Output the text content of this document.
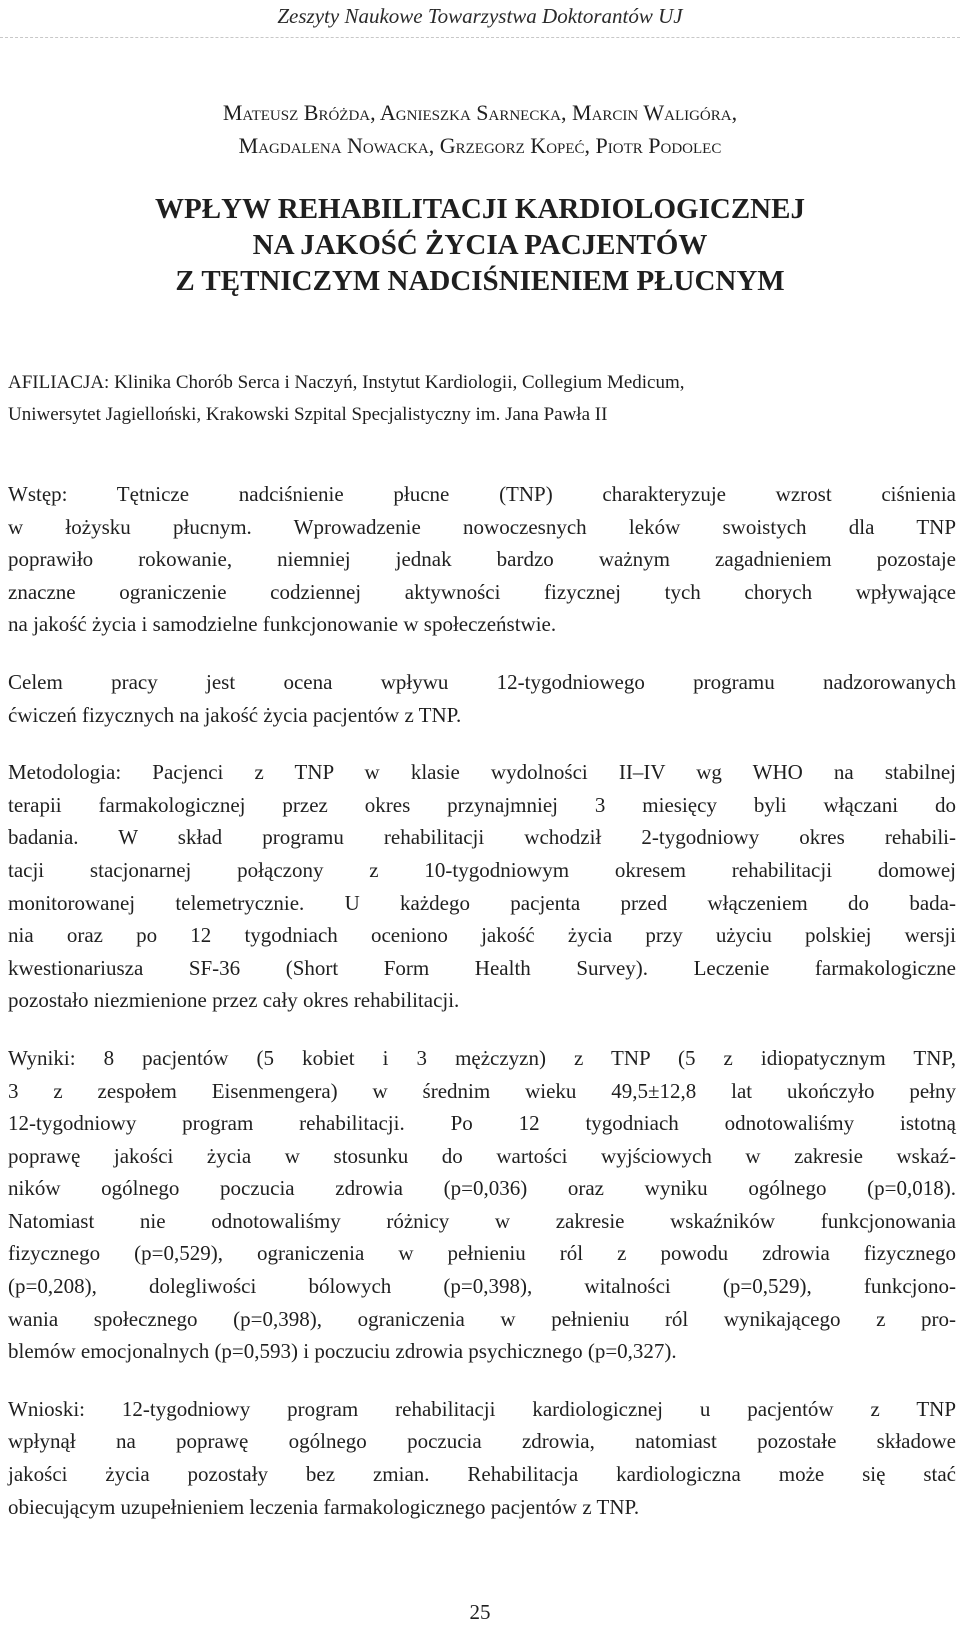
Zeszyty Naukowe Towarzystwa Doktorantów UJ
Mateusz Bróżda, Agnieszka Sarnecka, Marcin Waligóra,
Magdalena Nowacka, Grzegorz Kopeć, Piotr Podolec
WPŁYW REHABILITACJI KARDIOLOGICZNEJ
NA JAKOŚĆ ŻYCIA PACJENTÓW
Z TĘTNICZYM NADCIŚNIENIEM PŁUCNYM
AFILIACJA: Klinika Chorób Serca i Naczyń, Instytut Kardiologii, Collegium Medicum,
Uniwersytet Jagielloński, Krakowski Szpital Specjalistyczny im. Jana Pawła II
Wstęp: Tętnicze nadciśnienie płucne (TNP) charakteryzuje wzrost ciśnienia
w łożysku płucnym. Wprowadzenie nowoczesnych leków swoistych dla TNP
poprawiło rokowanie, niemniej jednak bardzo ważnym zagadnieniem pozostaje
znaczne ograniczenie codziennej aktywności fizycznej tych chorych wpływające
na jakość życia i samodzielne funkcjonowanie w społeczeństwie.
Celem pracy jest ocena wpływu 12-tygodniowego programu nadzorowanych
ćwiczeń fizycznych na jakość życia pacjentów z TNP.
Metodologia: Pacjenci z TNP w klasie wydolności II–IV wg WHO na stabilnej
terapii farmakologicznej przez okres przynajmniej 3 miesięcy byli włączani do
badania. W skład programu rehabilitacji wchodził 2-tygodniowy okres rehabili-
tacji stacjonarnej połączony z 10-tygodniowym okresem rehabilitacji domowej
monitorowanej telemetrycznie. U każdego pacjenta przed włączeniem do bada-
nia oraz po 12 tygodniach oceniono jakość życia przy użyciu polskiej wersji
kwestionariusza SF-36 (Short Form Health Survey). Leczenie farmakologiczne
pozostało niezmienione przez cały okres rehabilitacji.
Wyniki: 8 pacjentów (5 kobiet i 3 mężczyzn) z TNP (5 z idiopatycznym TNP,
3 z zespołem Eisenmengera) w średnim wieku 49,5±12,8 lat ukończyło pełny
12-tygodniowy program rehabilitacji. Po 12 tygodniach odnotowaliśmy istotną
poprawę jakości życia w stosunku do wartości wyjściowych w zakresie wskaź-
ników ogólnego poczucia zdrowia (p=0,036) oraz wyniku ogólnego (p=0,018).
Natomiast nie odnotowaliśmy różnicy w zakresie wskaźników funkcjonowania
fizycznego (p=0,529), ograniczenia w pełnieniu ról z powodu zdrowia fizycznego
(p=0,208), dolegliwości bólowych (p=0,398), witalności (p=0,529), funkcjono-
wania społecznego (p=0,398), ograniczenia w pełnieniu ról wynikającego z pro-
blemów emocjonalnych (p=0,593) i poczuciu zdrowia psychicznego (p=0,327).
Wnioski: 12-tygodniowy program rehabilitacji kardiologicznej u pacjentów z TNP
wpłynął na poprawę ogólnego poczucia zdrowia, natomiast pozostałe składowe
jakości życia pozostały bez zmian. Rehabilitacja kardiologiczna może się stać
obiecującym uzupełnieniem leczenia farmakologicznego pacjentów z TNP.
25
